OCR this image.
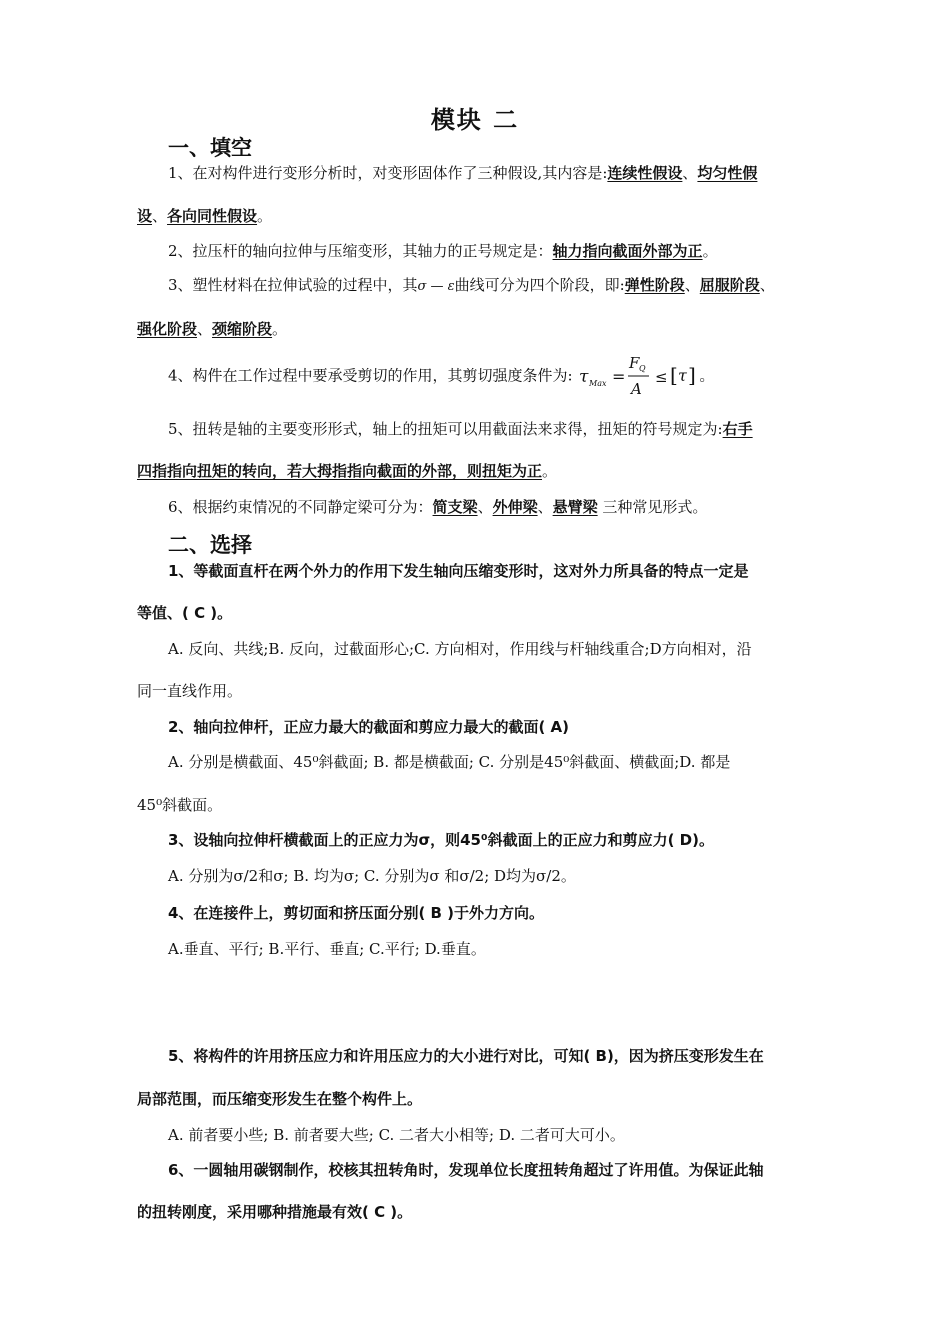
模块 二
一、填空
1、在对构件进行变形分析时，对变形固体作了三种假设,其内容是:连续性假设、均匀性假
设、各向同性假设。
2、拉压杆的轴向拉伸与压缩变形，其轴力的正号规定是：轴力指向截面外部为正。
3、塑性材料在拉伸试验的过程中，其σ — ε曲线可分为四个阶段，即:弹性阶段、屈服阶段、
强化阶段、颈缩阶段。
4、构件在工作过程中要承受剪切的作用，其剪切强度条件为: τ Max =
F Q
A
≤ [ τ ] 。
5、扭转是轴的主要变形形式，轴上的扭矩可以用截面法来求得，扭矩的符号规定为:右手
四指指向扭矩的转向，若大拇指指向截面的外部，则扭矩为正。
6、根据约束情况的不同静定梁可分为：简支梁、外伸梁、悬臂梁 三种常见形式。
二、选择
1、等截面直杆在两个外力的作用下发生轴向压缩变形时，这对外力所具备的特点一定是
等值、( C )。
A. 反向、共线;B. 反向，过截面形心;C. 方向相对，作用线与杆轴线重合;D方向相对，沿
同一直线作用。
2、轴向拉伸杆，正应力最大的截面和剪应力最大的截面( A)
A. 分别是横截面、45⁰斜截面; B. 都是横截面; C. 分别是45⁰斜截面、横截面;D. 都是
45⁰斜截面。
3、设轴向拉伸杆横截面上的正应力为σ，则45⁰斜截面上的正应力和剪应力( D)。
A. 分别为σ/2和σ; B. 均为σ; C. 分别为σ 和σ/2; D均为σ/2。
4、在连接件上，剪切面和挤压面分别( B )于外力方向。
A.垂直、平行; B.平行、垂直; C.平行; D.垂直。
5、将构件的许用挤压应力和许用压应力的大小进行对比，可知( B)，因为挤压变形发生在
局部范围，而压缩变形发生在整个构件上。
A. 前者要小些; B. 前者要大些; C. 二者大小相等; D. 二者可大可小。
6、一圆轴用碳钢制作，校核其扭转角时，发现单位长度扭转角超过了许用值。为保证此轴
的扭转刚度，采用哪种措施最有效( C )。
